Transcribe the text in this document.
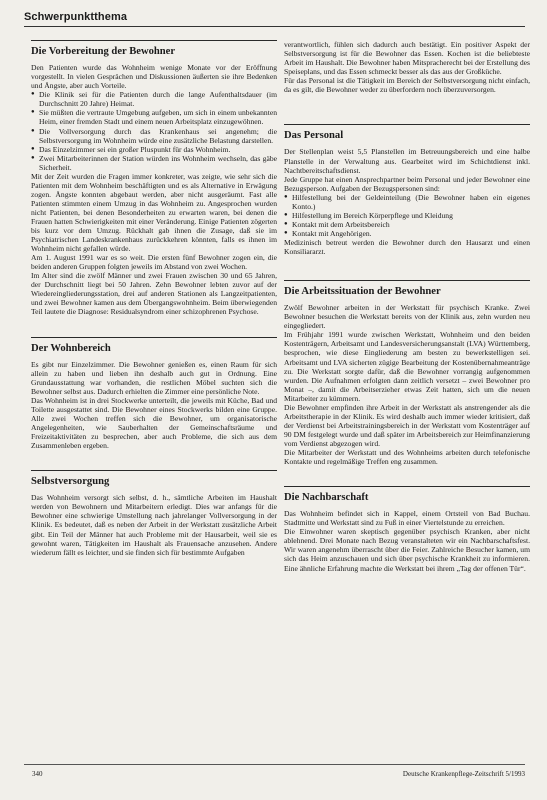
Schwerpunktthema
Die Vorbereitung der Bewohner

Den Patienten wurde das Wohnheim wenige Monate vor der Eröffnung vorgestellt. In vielen Gesprächen und Diskussionen äußerten sie ihre Bedenken und Ängste, aber auch Vorteile.

● Die Klinik sei für die Patienten durch die lange Aufenthaltsdauer (im Durchschnitt 20 Jahre) Heimat.
● Sie müßten die vertraute Umgebung aufgeben, um sich in einem unbekannten Heim, einer fremden Stadt und einem neuen Arbeitsplatz einzugewöhnen.
● Die Vollversorgung durch das Krankenhaus sei angenehm; die Selbstversorgung im Wohnheim würde eine zusätzliche Belastung darstellen.
● Das Einzelzimmer sei ein großer Pluspunkt für das Wohnheim.
● Zwei Mitarbeiterinnen der Station würden ins Wohnheim wechseln, das gäbe Sicherheit.

Mit der Zeit wurden die Fragen immer konkreter, was zeigte, wie sehr sich die Patienten mit dem Wohnheim beschäftigten und es als Alternative in Erwägung zogen. Ängste konnten abgebaut werden, aber nicht ausgeräumt. Fast alle Patienten stimmten einem Umzug in das Wohnheim zu. Angesprochen wurden nicht Patienten, bei denen Besonderheiten zu erwarten waren, bei denen die Frauen hatten Schwierigkeiten mit einer Veränderung. Einige Patienten zögerten bis kurz vor dem Umzug. Rückhalt gab ihnen die Zusage, daß sie im Psychiatrischen Landeskrankenhaus zurückkehren könnten, falls es ihnen im Wohnheim nicht gefallen würde.

Am 1. August 1991 war es so weit. Die ersten fünf Bewohner zogen ein, die beiden anderen Gruppen folgten jeweils im Abstand von zwei Wochen.

Im Alter sind die zwölf Männer und zwei Frauen zwischen 30 und 65 Jahren, der Durchschnitt liegt bei 50 Jahren. Zehn Bewohner lebten zuvor auf der Wiedereingliederungsstation, drei auf anderen Stationen als Langzeitpatienten, und zwei Bewohner kamen aus dem Übergangswohnheim. Beim überwiegenden Teil lautete die Diagnose: Residualsyndrom einer schizophrenen Psychose.

Der Wohnbereich

Es gibt nur Einzelzimmer. Die Bewohner genießen es, einen Raum für sich allein zu haben und lieben ihn deshalb auch gut in Ordnung. Eine Grundausstattung war vorhanden, die restlichen Möbel suchten sich die Bewohner selbst aus. Dadurch erhielten die Zimmer eine persönliche Note.

Das Wohnheim ist in drei Stockwerke unterteilt, die jeweils mit Küche, Bad und Toilette ausgestattet sind. Die Bewohner eines Stockwerks bilden eine Gruppe. Alle zwei Wochen treffen sich die Bewohner, um organisatorische Angelegenheiten, wie Sauberhalten der Gemeinschaftsräume und Freizeitaktivitäten zu besprechen, aber auch Probleme, die sich aus dem Zusammenleben ergeben.

Selbstversorgung

Das Wohnheim versorgt sich selbst, d. h., sämtliche Arbeiten im Haushalt werden von Bewohnern und Mitarbeitern erledigt. Dies war anfangs für die Bewohner eine schwierige Umstellung nach jahrelanger Vollversorgung in der Klinik. Es bedeutet, daß es neben der Arbeit in der Werkstatt zusätzliche Arbeit gibt. Ein Teil der Männer hat auch Probleme mit der Hausarbeit, weil sie es gewohnt waren, Tätigkeiten im Haushalt als Frauensache anzusehen. Andere wiederum fällt es leichter, und sie finden sich für bestimmte Aufgaben

verantwortlich, fühlen sich dadurch auch bestätigt. Ein positiver Aspekt der Selbstversorgung ist für die Bewohner das Essen. Kochen ist die beliebteste Arbeit im Haushalt. Die Bewohner haben Mitspracherecht bei der Erstellung des Speiseplans, und das Essen schmeckt besser als das aus der Großküche.

Für das Personal ist die Tätigkeit im Bereich der Selbstversorgung nicht einfach, da es gilt, die Bewohner weder zu überfordern noch überzuversorgen.

Das Personal

Der Stellenplan weist 5,5 Planstellen im Betreuungsbereich und eine halbe Planstelle in der Verwaltung aus. Gearbeitet wird im Schichtdienst inkl. Nachtbereitschaftsdienst.

Jede Gruppe hat einen Ansprechpartner beim Personal und jeder Bewohner eine Bezugsperson. Aufgaben der Bezugspersonen sind:

● Hilfestellung bei der Geldeinteilung (Die Bewohner haben ein eigenes Konto.)
● Hilfestellung im Bereich Körperpflege und Kleidung
● Kontakt mit dem Arbeitsbereich
● Kontakt mit Angehörigen.

Medizinisch betreut werden die Bewohner durch den Hausarzt und einen Konsiliararzt.

Die Arbeitssituation der Bewohner

Zwölf Bewohner arbeiten in der Werkstatt für psychisch Kranke. Zwei Bewohner besuchen die Werkstatt bereits von der Klinik aus, zehn wurden neu eingegliedert.

Im Frühjahr 1991 wurde zwischen Werkstatt, Wohnheim und den beiden Kostenträgern, Arbeitsamt und Landesversicherungsanstalt (LVA) Württemberg, besprochen, wie diese Eingliederung am besten zu bewerkstelligen sei. Arbeitsamt und LVA sicherten zügige Bearbeitung der Kostenübernahmeanträge zu. Die Werkstatt sorgte dafür, daß die Bewohner vorrangig aufgenommen wurden. Die Aufnahmen erfolgten dann zeitlich versetzt – zwei Bewohner pro Monat –, damit die Arbeitserzieher etwas Zeit hatten, sich um die neuen Mitarbeiter zu kümmern.

Die Bewohner empfinden ihre Arbeit in der Werkstatt als anstrengender als die Arbeitstherapie in der Klinik. Es wird deshalb auch immer wieder kritisiert, daß der Verdienst bei Arbeitstrainingsbereich in der Werkstatt vom Kostenträger auf 90 DM festgelegt wurde und daß später im Arbeitsbereich zur Heimfinanzierung vom Verdienst abgezogen wird.

Die Mitarbeiter der Werkstatt und des Wohnheims arbeiten durch telefonische Kontakte und regelmäßige Treffen eng zusammen.

Die Nachbarschaft

Das Wohnheim befindet sich in Kappel, einem Ortsteil von Bad Buchau. Stadtmitte und Werkstatt sind zu Fuß in einer Viertelstunde zu erreichen.

Die Einwohner waren skeptisch gegenüber psychisch Kranken, aber nicht ablehnend. Drei Monate nach Bezug veranstalteten wir ein Nachbarschaftsfest. Wir waren angenehm überrascht über die Feier. Zahlreiche Besucher kamen, um sich das Heim anzuschauen und sich über psychische Krankheit zu informieren. Eine ähnliche Erfahrung machte die Werkstatt bei ihrem „Tag der offenen Tür“.

340	Deutsche Krankenpflege-Zeitschrift 5/1993
